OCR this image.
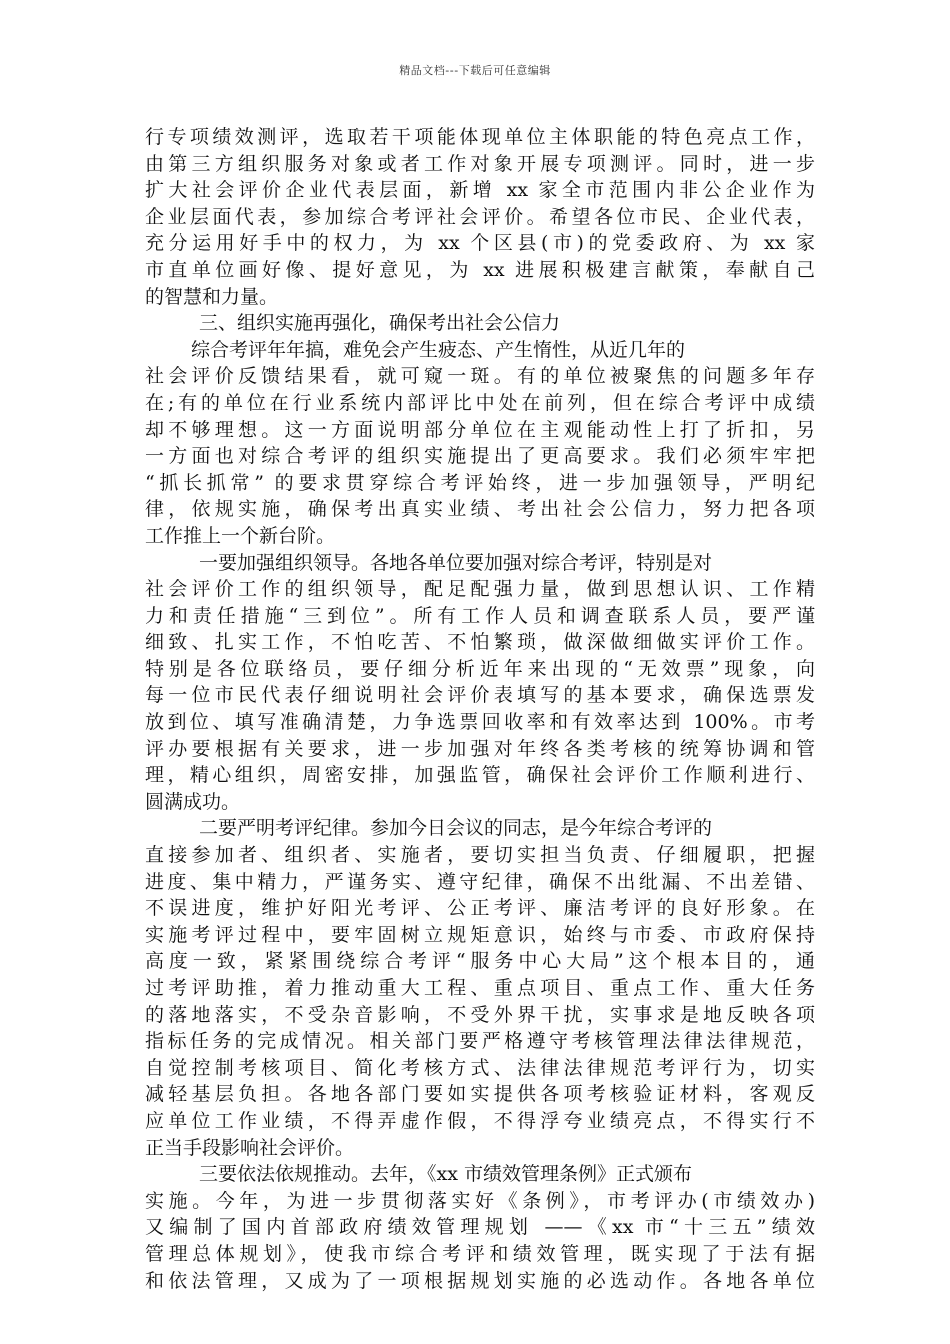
精品文档---下载后可任意编辑
行专项绩效测评，选取若干项能体现单位主体职能的特色亮点工作，
由第三方组织服务对象或者工作对象开展专项测评。同时，进一步
扩大社会评价企业代表层面，新增 xx 家全市范围内非公企业作为
企业层面代表，参加综合考评社会评价。希望各位市民、企业代表，
充分运用好手中的权力，为 xx 个区县(市)的党委政府、为 xx 家
市直单位画好像、提好意见，为 xx 进展积极建言献策，奉献自己
的智慧和力量。
三、组织实施再强化，确保考出社会公信力
综合考评年年搞，难免会产生疲态、产生惰性，从近几年的
社会评价反馈结果看，就可窥一斑。有的单位被聚焦的问题多年存
在;有的单位在行业系统内部评比中处在前列，但在综合考评中成绩
却不够理想。这一方面说明部分单位在主观能动性上打了折扣，另
一方面也对综合考评的组织实施提出了更高要求。我们必须牢牢把
“抓长抓常” 的要求贯穿综合考评始终，进一步加强领导，严明纪
律，依规实施，确保考出真实业绩、考出社会公信力，努力把各项
工作推上一个新台阶。
一要加强组织领导。各地各单位要加强对综合考评，特别是对
社会评价工作的组织领导，配足配强力量，做到思想认识、工作精
力和责任措施“三到位”。所有工作人员和调查联系人员，要严谨
细致、扎实工作，不怕吃苦、不怕繁琐，做深做细做实评价工作。
特别是各位联络员，要仔细分析近年来出现的“无效票”现象，向
每一位市民代表仔细说明社会评价表填写的基本要求，确保选票发
放到位、填写准确清楚，力争选票回收率和有效率达到 100%。市考
评办要根据有关要求，进一步加强对年终各类考核的统筹协调和管
理，精心组织，周密安排，加强监管，确保社会评价工作顺利进行、
圆满成功。
二要严明考评纪律。参加今日会议的同志，是今年综合考评的
直接参加者、组织者、实施者，要切实担当负责、仔细履职，把握
进度、集中精力，严谨务实、遵守纪律，确保不出纰漏、不出差错、
不误进度，维护好阳光考评、公正考评、廉洁考评的良好形象。在
实施考评过程中，要牢固树立规矩意识，始终与市委、市政府保持
高度一致，紧紧围绕综合考评“服务中心大局”这个根本目的，通
过考评助推，着力推动重大工程、重点项目、重点工作、重大任务
的落地落实，不受杂音影响，不受外界干扰，实事求是地反映各项
指标任务的完成情况。相关部门要严格遵守考核管理法律法律规范，
自觉控制考核项目、简化考核方式、法律法律规范考评行为，切实
减轻基层负担。各地各部门要如实提供各项考核验证材料，客观反
应单位工作业绩，不得弄虚作假，不得浮夸业绩亮点，不得实行不
正当手段影响社会评价。
三要依法依规推动。去年，《xx 市绩效管理条例》正式颁布
实施。今年，为进一步贯彻落实好《条例》，市考评办(市绩效办)
又编制了国内首部政府绩效管理规划 ——《xx 市“十三五”绩效
管理总体规划》，使我市综合考评和绩效管理，既实现了于法有据
和依法管理，又成为了一项根据规划实施的必选动作。各地各单位
